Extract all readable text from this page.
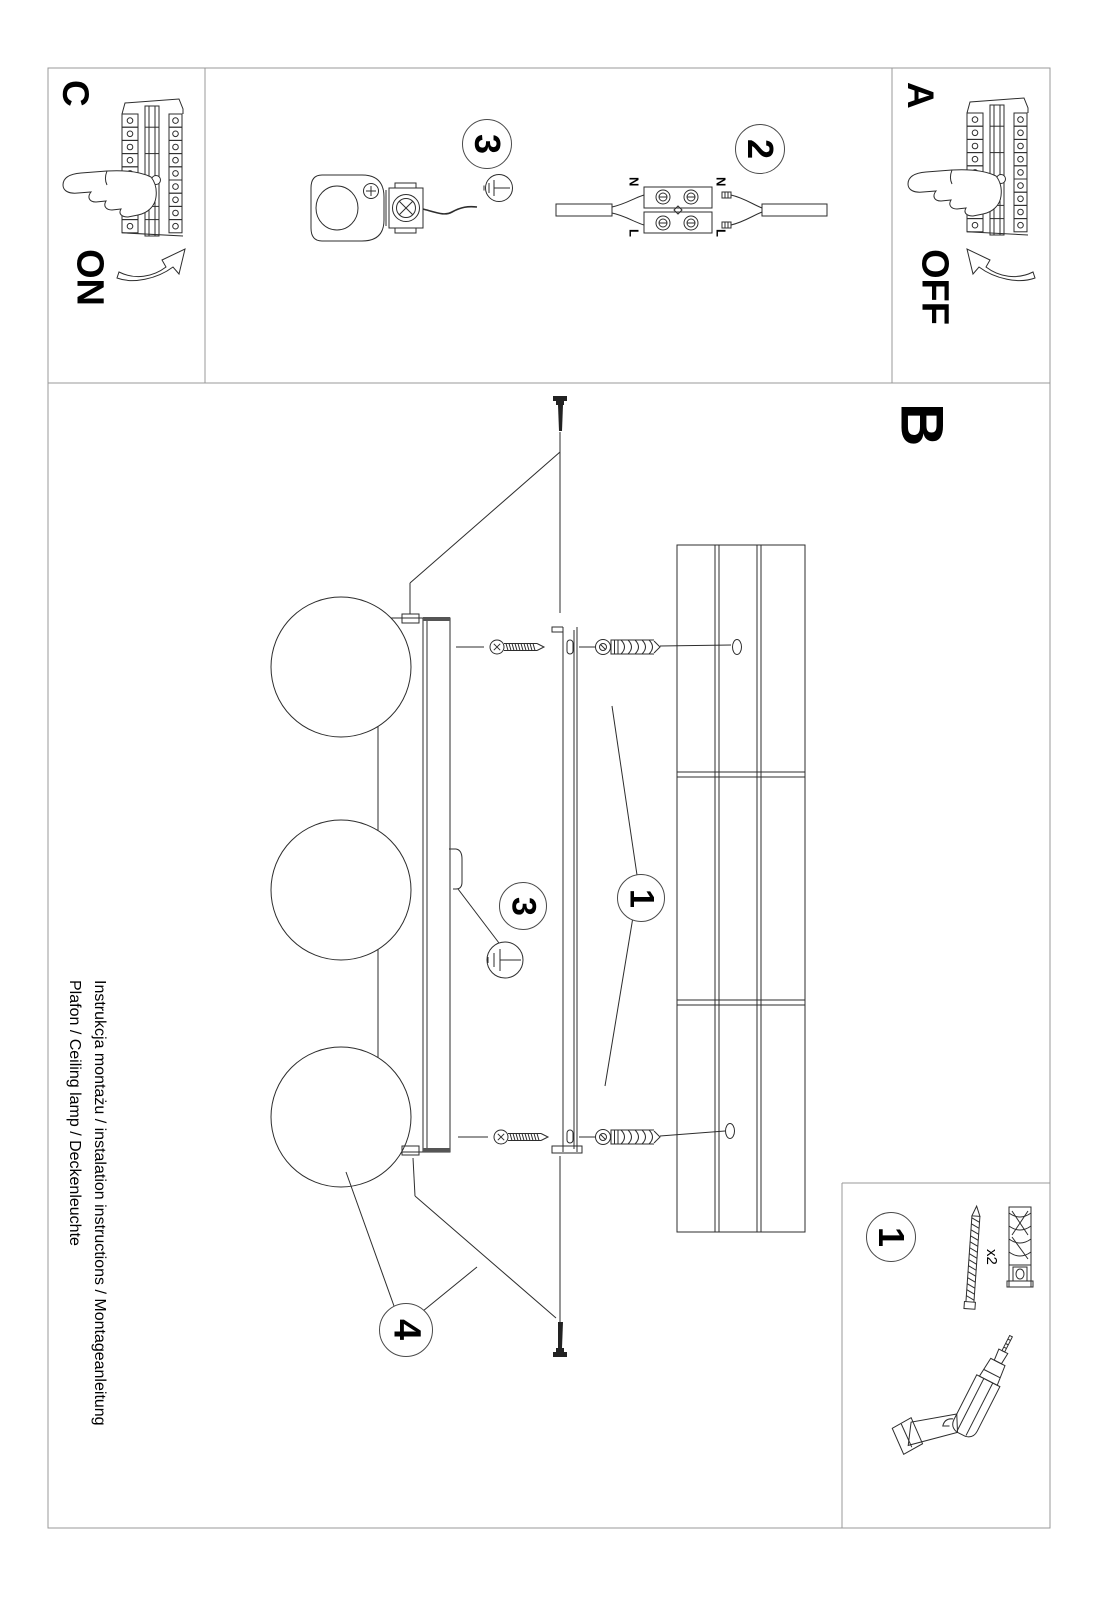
C
ON
A
OFF
B
3	2
3 1
4
1
N	N
L	L
x2
Instrukcja montażu / instalation instructions / Montageanleitung
Plafon / Ceiling lamp / Deckenleuchte
